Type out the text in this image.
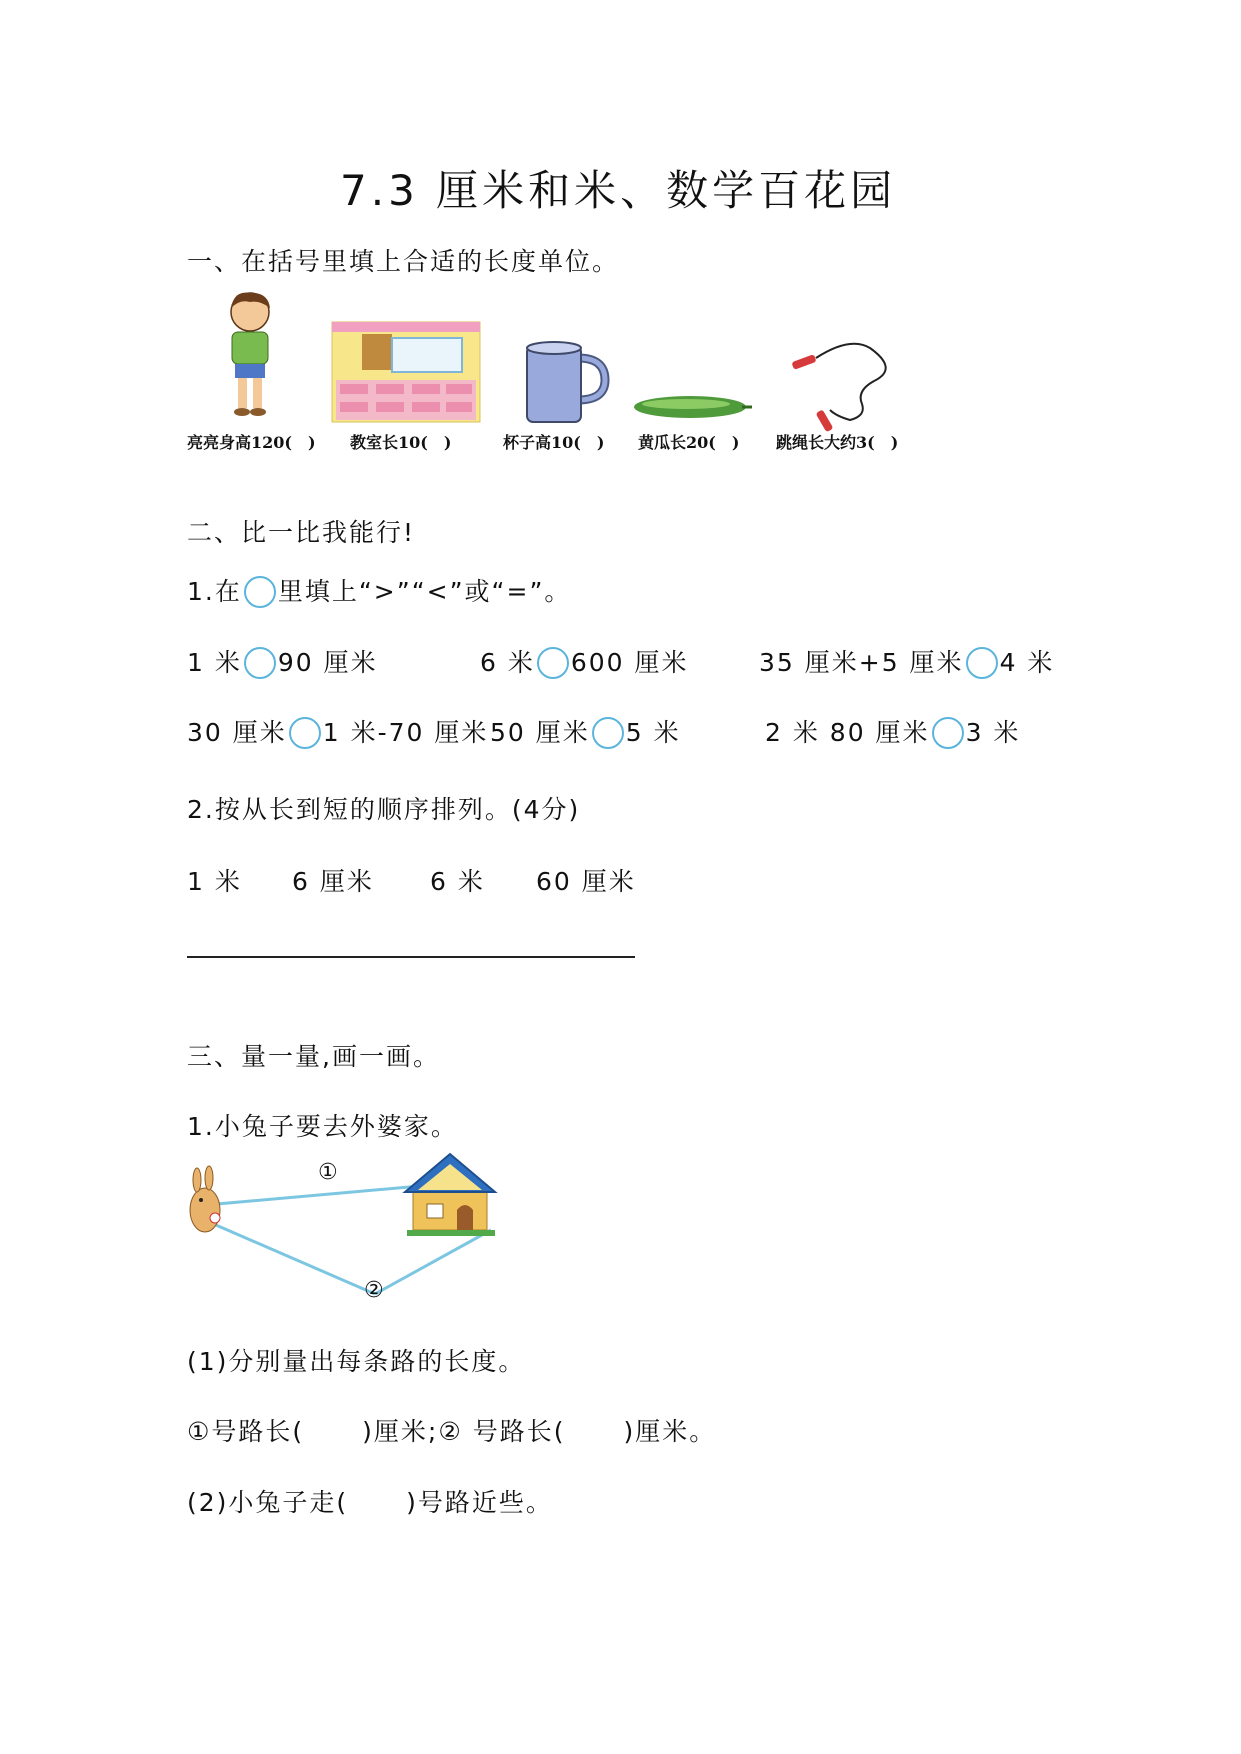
7.3 厘米和米、数学百花园
一、在括号里填上合适的长度单位。
亮亮身高120(　) 教室长10(　)	杯子高10(　) 黄瓜长20(　) 跳绳长大约3(　)
二、比一比我能行!
1.在 里填上“>”“<”或“=”。
1 米 90 厘米	6 米 600 厘米	35 厘米+5 厘米 4 米
30 厘米 1 米-70 厘米 50 厘米 5 米	2 米 80 厘米 3 米
2.按从长到短的顺序排列。(4分)
1 米 6 厘米 6 米 60 厘米
三、量一量,画一画。
1.小兔子要去外婆家。
①
②
(1)分别量出每条路的长度。
①号路长( )厘米;② 号路长( )厘米。
(2)小兔子走( )号路近些。
